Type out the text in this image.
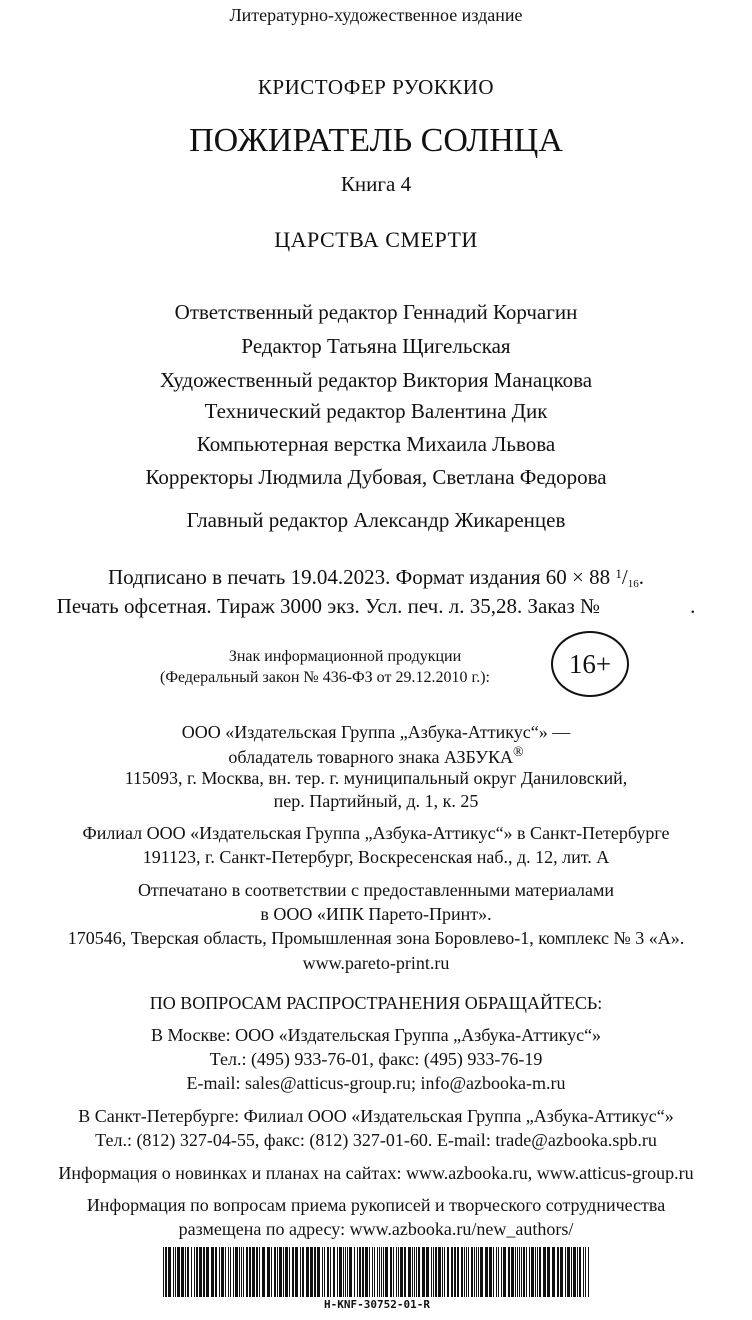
Литературно-художественное издание
КРИСТОФЕР РУОККИО
ПОЖИРАТЕЛЬ СОЛНЦА
Книга 4
ЦАРСТВА СМЕРТИ
Ответственный редактор Геннадий Корчагин
Редактор Татьяна Щигельская
Художественный редактор Виктория Манацкова
Технический редактор Валентина Дик
Компьютерная верстка Михаила Львова
Корректоры Людмила Дубовая, Светлана Федорова
Главный редактор Александр Жикаренцев
Подписано в печать 19.04.2023. Формат издания 60 × 88 $^1/_{16}$.
Печать офсетная. Тираж 3000 экз. Усл. печ. л. 35,28. Заказ №	.
Знак информационной продукции
(Федеральный закон № 436-ФЗ от 29.12.2010 г.):	16+
ООО «Издательская Группа „Азбука-Аттикус“» —
обладатель товарного знака АЗБУКА®
115093, г. Москва, вн. тер. г. муниципальный округ Даниловский,
пер. Партийный, д. 1, к. 25
Филиал ООО «Издательская Группа „Азбука-Аттикус“» в Санкт-Петербурге
191123, г. Санкт-Петербург, Воскресенская наб., д. 12, лит. А
Отпечатано в соответствии с предоставленными материалами
в ООО «ИПК Парето-Принт».
170546, Тверская область, Промышленная зона Боровлево-1, комплекс № 3 «А».
www.pareto-print.ru
ПО ВОПРОСАМ РАСПРОСТРАНЕНИЯ ОБРАЩАЙТЕСЬ:
В Москве: ООО «Издательская Группа „Азбука-Аттикус“»
Тел.: (495) 933-76-01, факс: (495) 933-76-19
E-mail: sales@atticus-group.ru; info@azbooka-m.ru
В Санкт-Петербурге: Филиал ООО «Издательская Группа „Азбука-Аттикус“»
Тел.: (812) 327-04-55, факс: (812) 327-01-60. E-mail: trade@azbooka.spb.ru
Информация о новинках и планах на сайтах: www.azbooka.ru, www.atticus-group.ru
Информация по вопросам приема рукописей и творческого сотрудничества
размещена по адресу: www.azbooka.ru/new_authors/
H-KNF-30752-01-R
